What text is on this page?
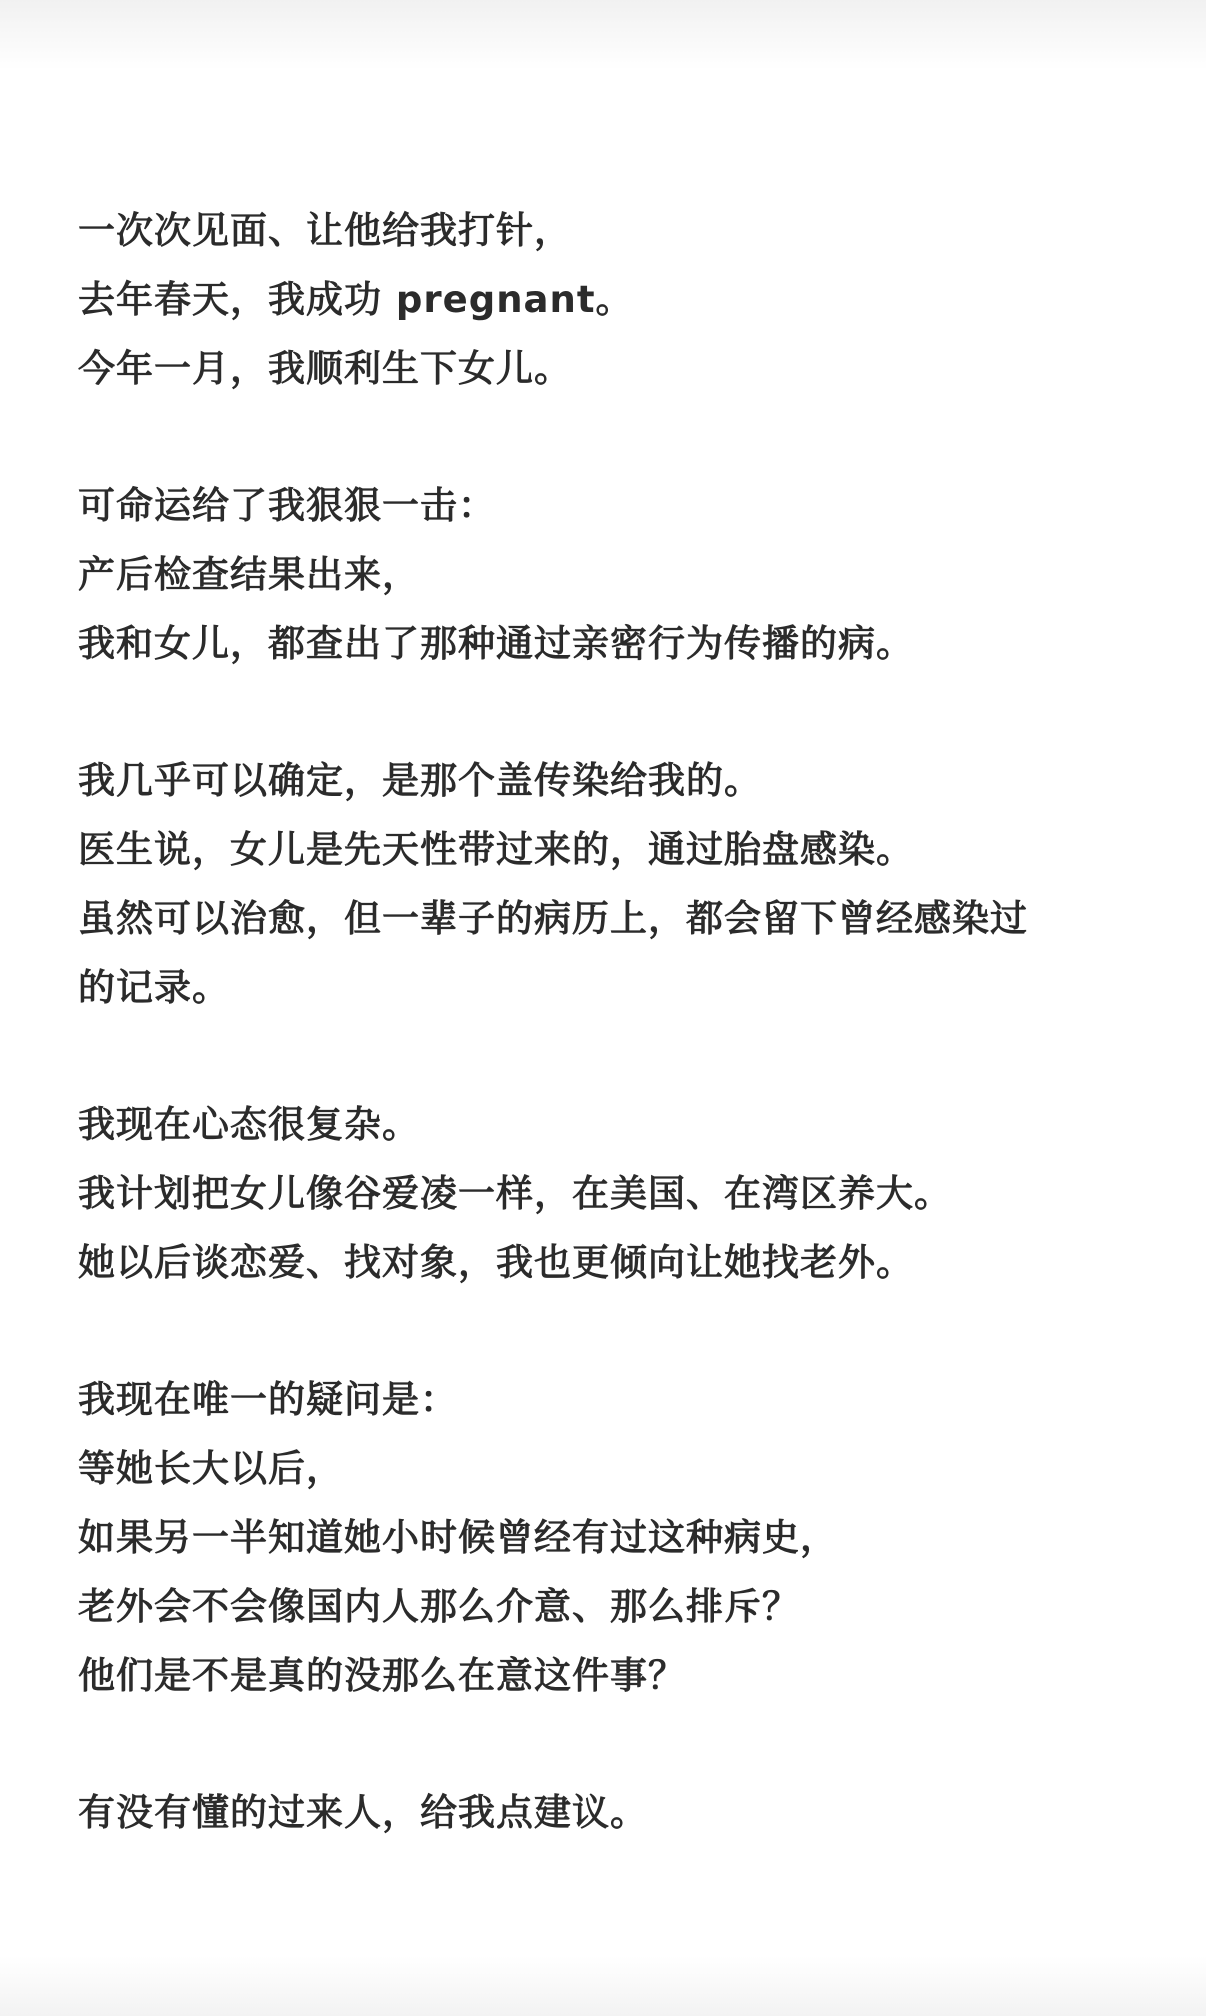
一次次见面、让他给我打针，
去年春天，我成功 pregnant。
今年一月，我顺利生下女儿。
可命运给了我狠狠一击：
产后检查结果出来，
我和女儿，都查出了那种通过亲密行为传播的病。
我几乎可以确定，是那个盖传染给我的。
医生说，女儿是先天性带过来的，通过胎盘感染。
虽然可以治愈，但一辈子的病历上，都会留下曾经感染过
的记录。
我现在心态很复杂。
我计划把女儿像谷爱凌一样，在美国、在湾区养大。
她以后谈恋爱、找对象，我也更倾向让她找老外。
我现在唯一的疑问是：
等她长大以后，
如果另一半知道她小时候曾经有过这种病史，
老外会不会像国内人那么介意、那么排斥？
他们是不是真的没那么在意这件事？
有没有懂的过来人，给我点建议。
